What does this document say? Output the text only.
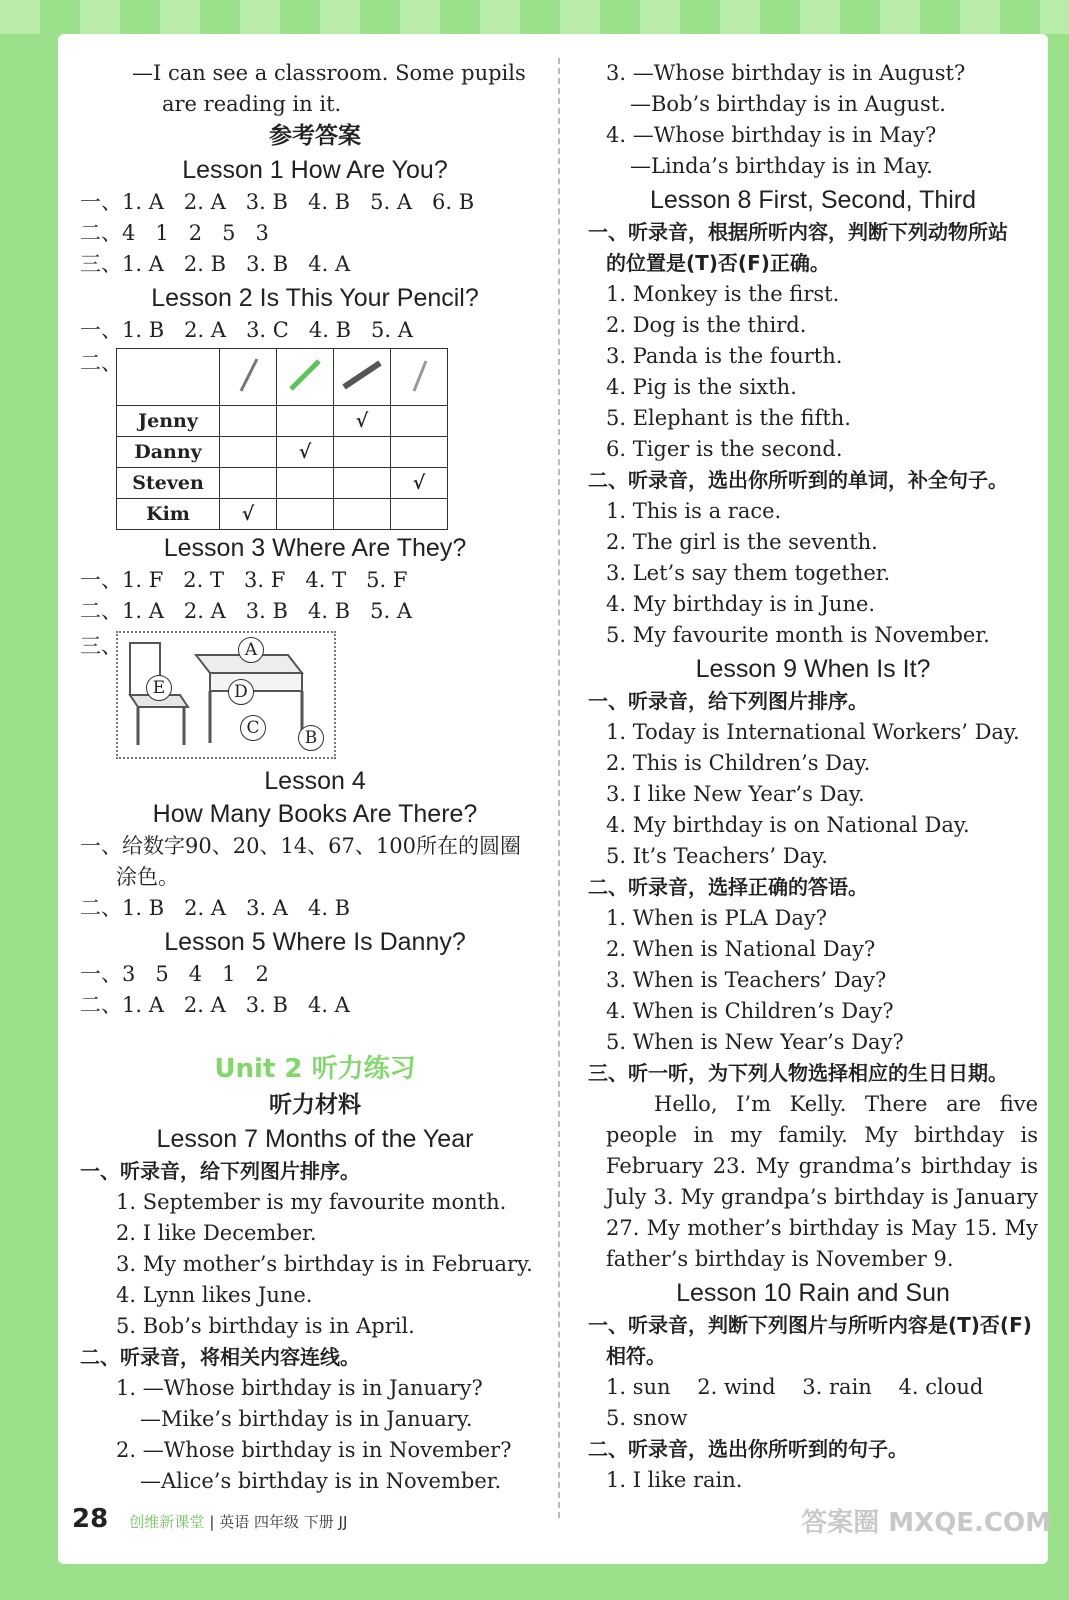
—I can see a classroom. Some pupils
are reading in it.
参考答案
Lesson 1 How Are You?
一、1. A   2. A   3. B   4. B   5. A   6. B
二、4   1   2   5   3
三、1. A   2. B   3. B   4. A
Lesson 2 Is This Your Pencil?
一、1. B   2. A   3. C   4. B   5. A
二、

Jenny			√	
Danny		√		
Steven				√
Kim	√			
Lesson 3 Where Are They?
一、1. F   2. T   3. F   4. T   5. F
二、1. A   2. A   3. B   4. B   5. A
三、	A
B
C
D
E
Lesson 4
How Many Books Are There?
一、给数字90、20、14、67、100所在的圆圈
涂色。
二、1. B   2. A   3. A   4. B
Lesson 5 Where Is Danny?
一、3   5   4   1   2
二、1. A   2. A   3. B   4. A
Unit 2 听力练习
听力材料
Lesson 7 Months of the Year
一、听录音，给下列图片排序。
1. September is my favourite month.
2. I like December.
3. My mother’s birthday is in February.
4. Lynn likes June.
5. Bob’s birthday is in April.
二、听录音，将相关内容连线。
1. —Whose birthday is in January?
—Mike’s birthday is in January.
2. —Whose birthday is in November?
—Alice’s birthday is in November.
3. —Whose birthday is in August?
—Bob’s birthday is in August.
4. —Whose birthday is in May?
—Linda’s birthday is in May.
Lesson 8 First, Second, Third
一、听录音，根据所听内容，判断下列动物所站
的位置是(T)否(F)正确。
1. Monkey is the first.
2. Dog is the third.
3. Panda is the fourth.
4. Pig is the sixth.
5. Elephant is the fifth.
6. Tiger is the second.
二、听录音，选出你所听到的单词，补全句子。
1. This is a race.
2. The girl is the seventh.
3. Let’s say them together.
4. My birthday is in June.
5. My favourite month is November.
Lesson 9 When Is It?
一、听录音，给下列图片排序。
1. Today is International Workers’ Day.
2. This is Children’s Day.
3. I like New Year’s Day.
4. My birthday is on National Day.
5. It’s Teachers’ Day.
二、听录音，选择正确的答语。
1. When is PLA Day?
2. When is National Day?
3. When is Teachers’ Day?
4. When is Children’s Day?
5. When is New Year’s Day?
三、听一听，为下列人物选择相应的生日日期。
Hello, I’m Kelly. There are five people in my family. My birthday is February 23. My grandma’s birthday is July 3. My grandpa’s birthday is January 27. My mother’s birthday is May 15. My father’s birthday is November 9.
Lesson 10 Rain and Sun
一、听录音，判断下列图片与所听内容是(T)否(F)
相符。
1. sun    2. wind    3. rain    4. cloud
5. snow
二、听录音，选出你所听到的句子。
1. I like rain.
28 创维新课堂 | 英语 四年级 下册 JJ	答案圈 MXQE.COM
